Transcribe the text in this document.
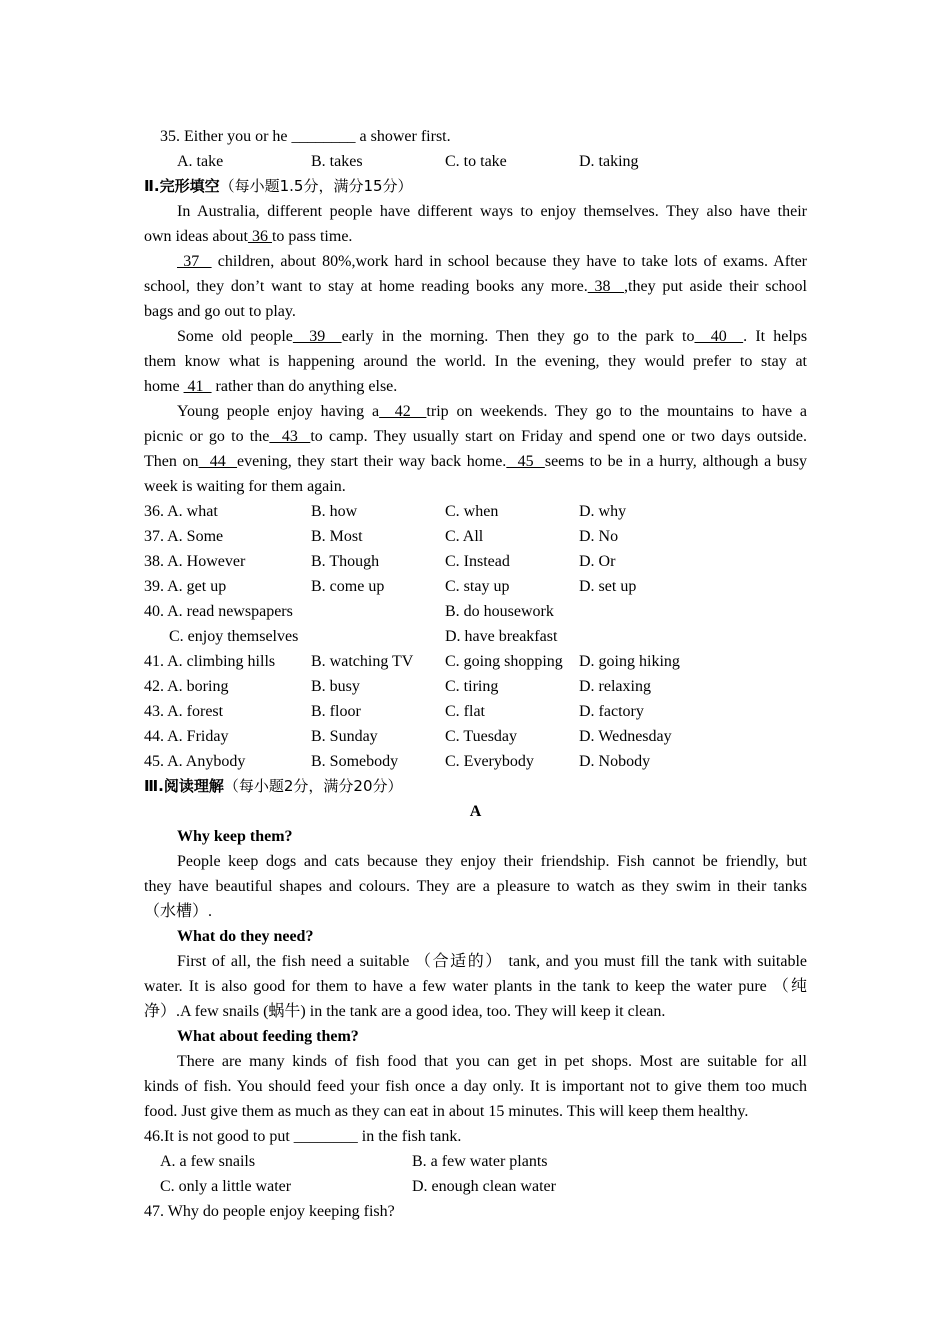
35. Either you or he ________ a shower first.
A. take	B. takes	C. to take	D. taking
Ⅱ.完形填空（每小题1.5分，满分15分）
In Australia, different people have different ways to enjoy themselves. They also have their
own ideas about 36 to pass time.
37   children, about 80%,work hard in school because they have to take lots of exams. After
school, they don’t want to stay at home reading books any more. 38  ,they put aside their school
bags and go out to play.
Some old people  39  early in the morning. Then they go to the park to  40  . It helps
them know what is happening around the world. In the evening, they would prefer to stay at
home  41   rather than do anything else.
Young people enjoy having a  42  trip on weekends. They go to the mountains to have a
picnic or go to the  43  to camp. They usually start on Friday and spend one or two days outside.
Then on  44  evening, they start their way back home.  45  seems to be in a hurry, although a busy
week is waiting for them again.
36. A. what	B. how	C. when	D. why
37. A. Some	B. Most	C. All	D. No
38. A. However	B. Though	C. Instead	D. Or
39. A. get up	B. come up	C. stay up	D. set up
40. A. read newspapers	B. do housework
C. enjoy themselves	D. have breakfast
41. A. climbing hills B. watching TV C. going shopping D. going hiking
42. A. boring	B. busy	C. tiring	D. relaxing
43. A. forest	B. floor	C. flat	D. factory
44. A. Friday	B. Sunday	C. Tuesday	D. Wednesday
45. A. Anybody	B. Somebody	C. Everybody	D. Nobody
Ⅲ.阅读理解（每小题2分，满分20分）
A
Why keep them?
People keep dogs and cats because they enjoy their friendship. Fish cannot be friendly, but
they have beautiful shapes and colours. They are a pleasure to watch as they swim in their tanks
（水槽）.
What do they need?
First of all, the fish need a suitable （合适的） tank, and you must fill the tank with suitable
water. It is also good for them to have a few water plants in the tank to keep the water pure （纯
净）.A few snails (蜗牛) in the tank are a good idea, too. They will keep it clean.
What about feeding them?
There are many kinds of fish food that you can get in pet shops. Most are suitable for all
kinds of fish. You should feed your fish once a day only. It is important not to give them too much
food. Just give them as much as they can eat in about 15 minutes. This will keep them healthy.
46.It is not good to put ________ in the fish tank.
A. a few snails	B. a few water plants
C. only a little water	D. enough clean water
47. Why do people enjoy keeping fish?
